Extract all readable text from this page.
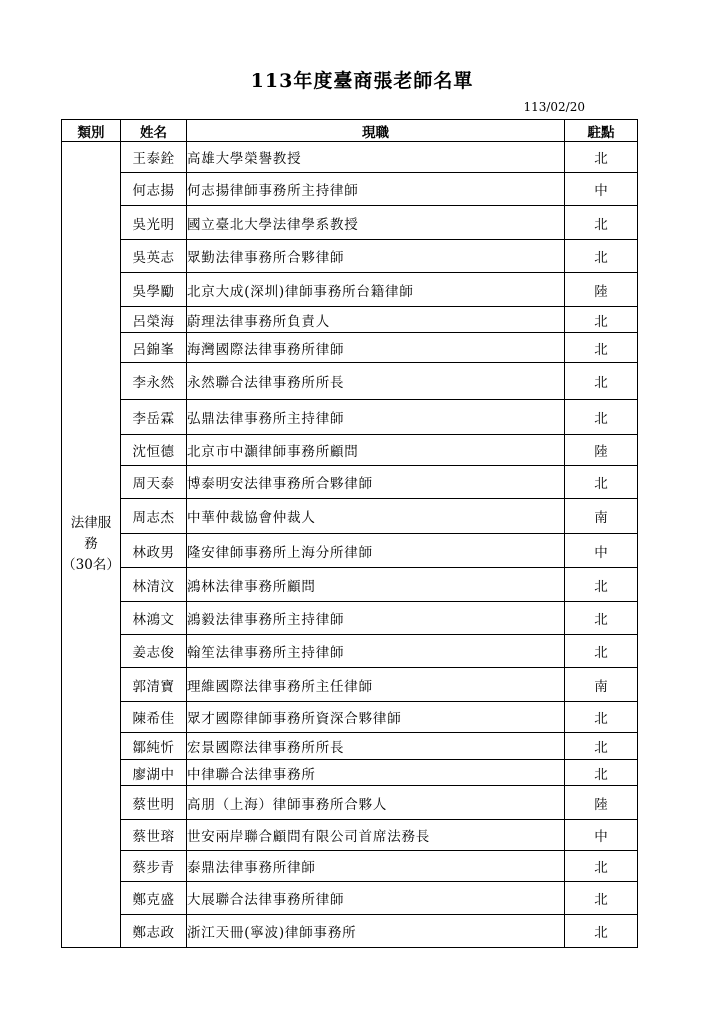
113年度臺商張老師名單
113/02/20
類別	姓名	現職	駐點
法律服務
（30名）	王泰銓	高雄大學榮譽教授	北
	何志揚	何志揚律師事務所主持律師	中
	吳光明	國立臺北大學法律學系教授	北
	吳英志	眾勤法律事務所合夥律師	北
	吳學勵	北京大成(深圳)律師事務所台籍律師	陸
	呂榮海	蔚理法律事務所負責人	北
	呂錦峯	海灣國際法律事務所律師	北
	李永然	永然聯合法律事務所所長	北
	李岳霖	弘鼎法律事務所主持律師	北
	沈恒德	北京市中灝律師事務所顧問	陸
	周天泰	博泰明安法律事務所合夥律師	北
	周志杰	中華仲裁協會仲裁人	南
	林政男	隆安律師事務所上海分所律師	中
	林清汶	鴻林法律事務所顧問	北
	林鴻文	鴻毅法律事務所主持律師	北
	姜志俊	翰笙法律事務所主持律師	北
	郭清寶	理維國際法律事務所主任律師	南
	陳希佳	眾才國際律師事務所資深合夥律師	北
	鄒純忻	宏景國際法律事務所所長	北
	廖湖中	中律聯合法律事務所	北
	蔡世明	高朋（上海）律師事務所合夥人	陸
	蔡世瑢	世安兩岸聯合顧問有限公司首席法務長	中
	蔡步青	泰鼎法律事務所律師	北
	鄭克盛	大展聯合法律事務所律師	北
	鄭志政	浙江天冊(寧波)律師事務所	北
